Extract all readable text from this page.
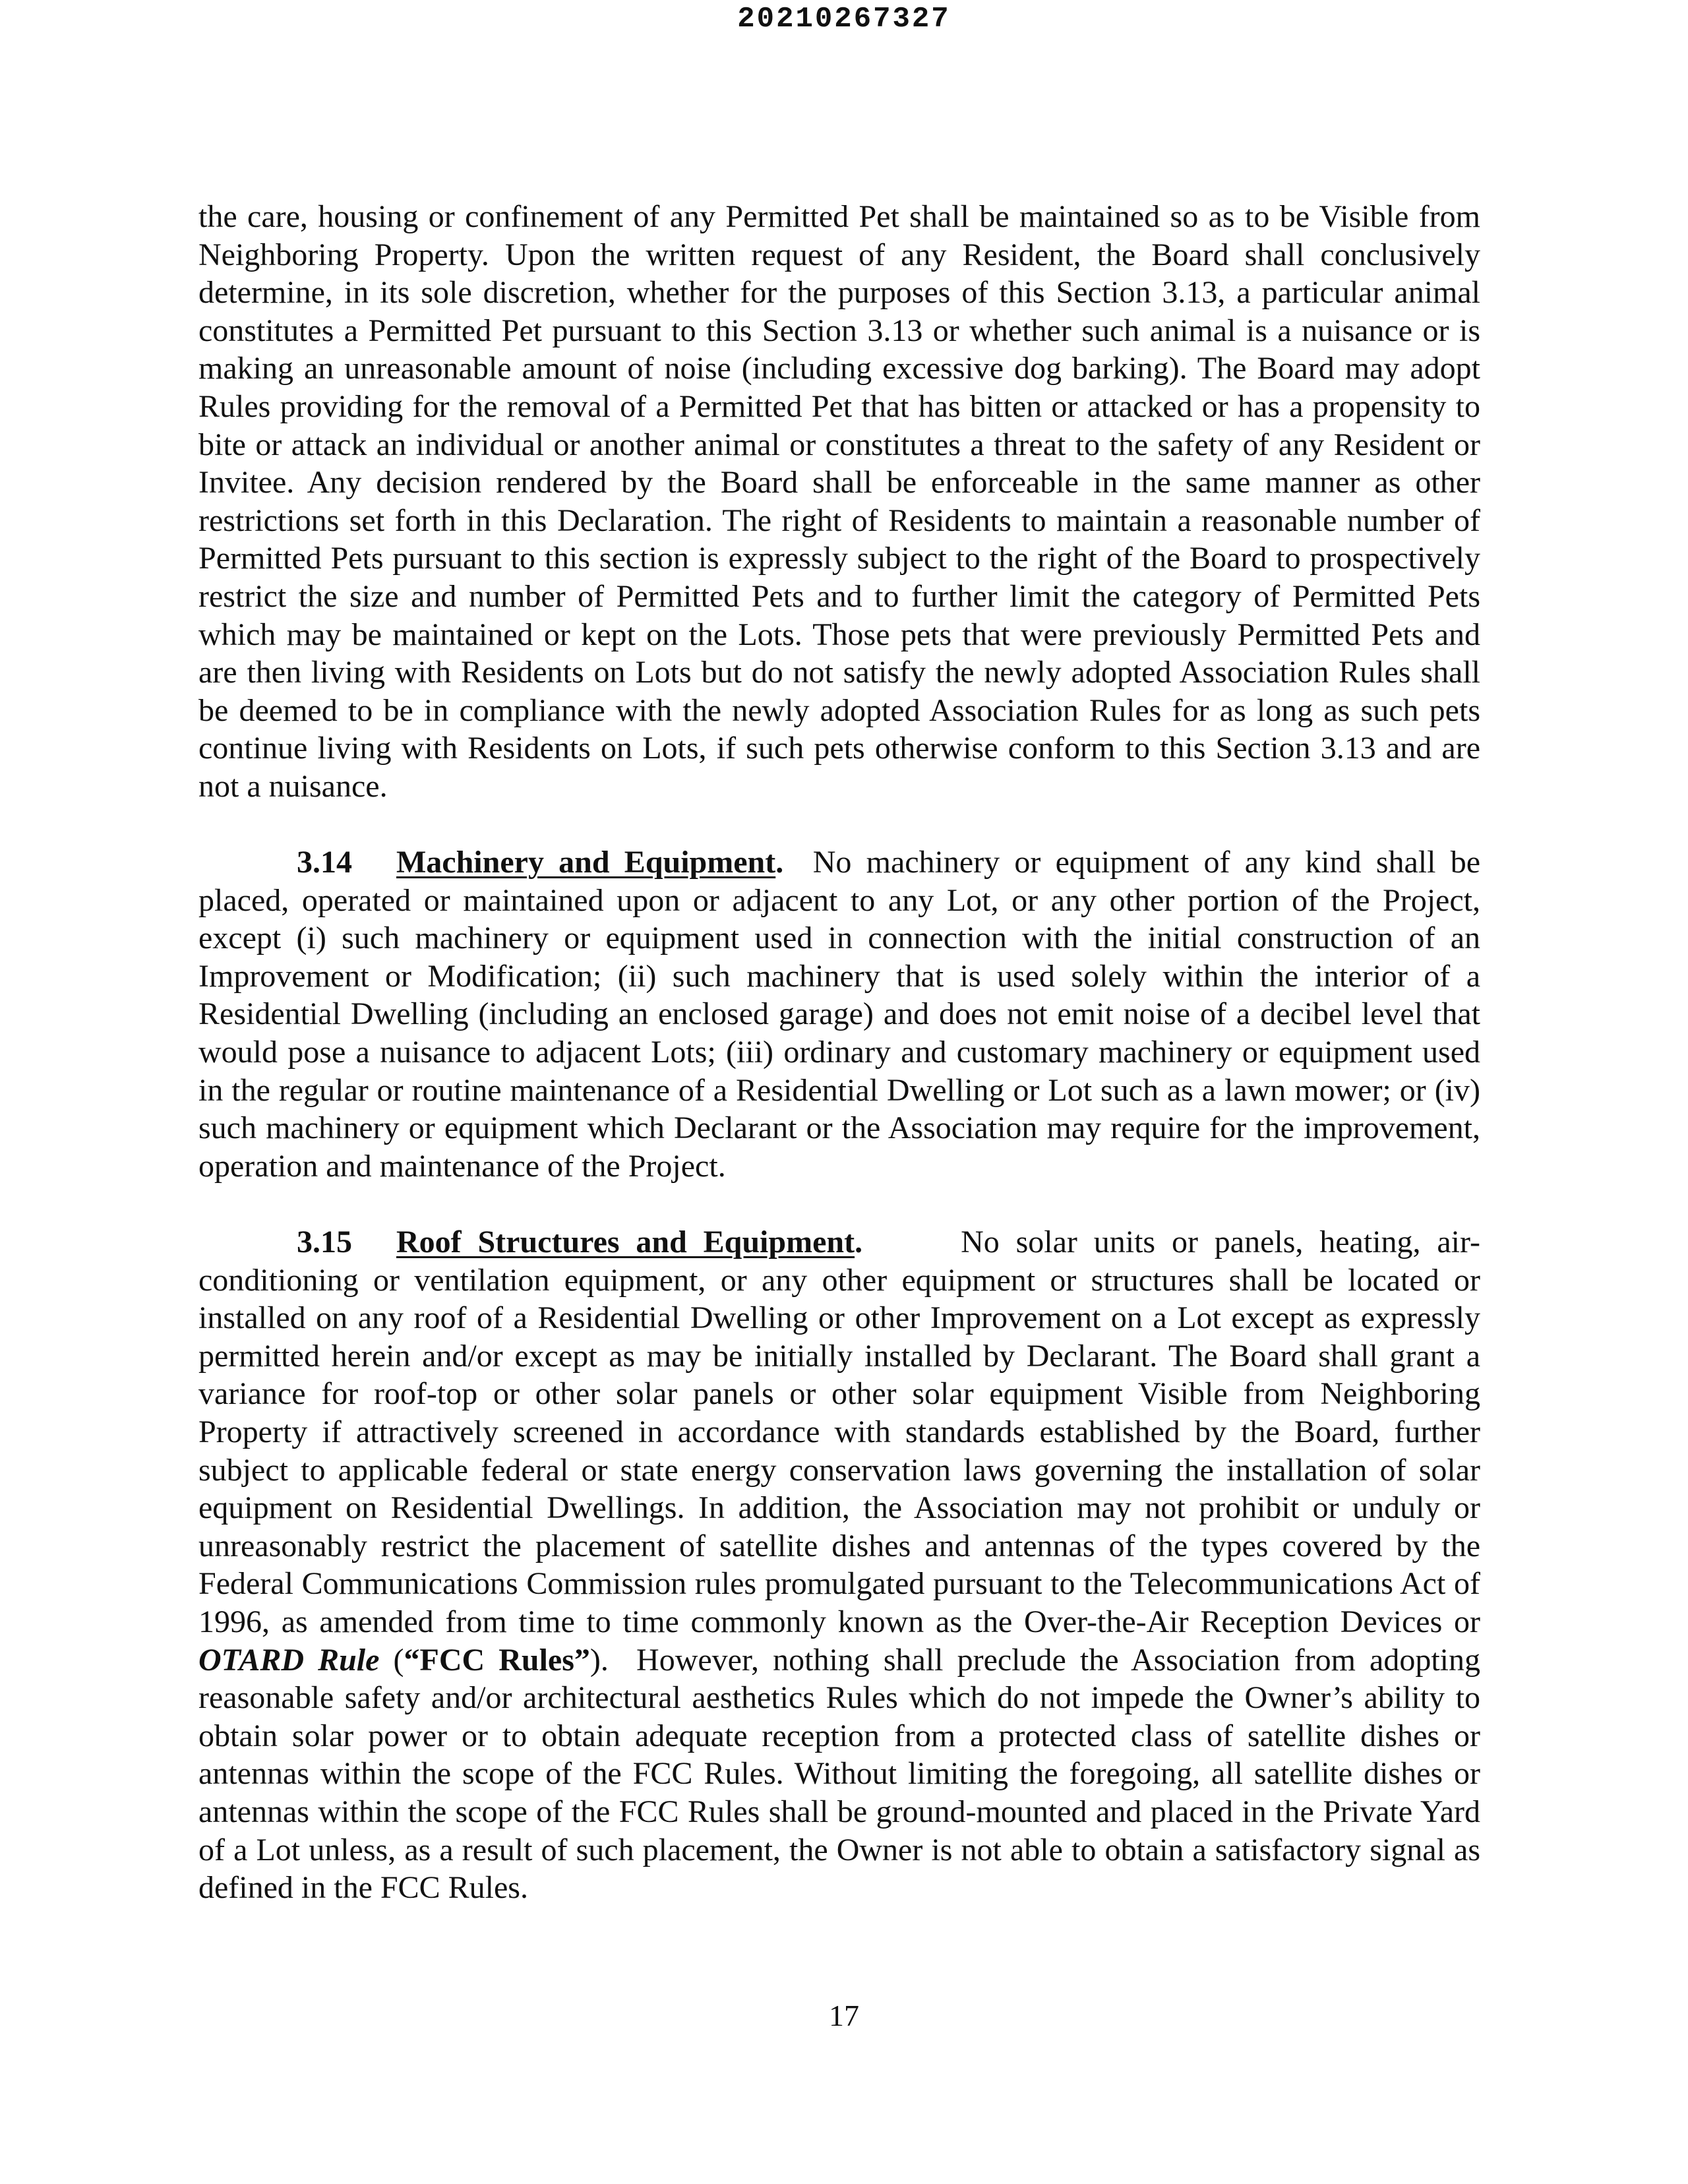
20210267327

the care, housing or confinement of any Permitted Pet shall be maintained so as to be Visible from Neighboring Property. Upon the written request of any Resident, the Board shall conclusively determine, in its sole discretion, whether for the purposes of this Section 3.13, a particular animal constitutes a Permitted Pet pursuant to this Section 3.13 or whether such animal is a nuisance or is making an unreasonable amount of noise (including excessive dog barking). The Board may adopt Rules providing for the removal of a Permitted Pet that has bitten or attacked or has a propensity to bite or attack an individual or another animal or constitutes a threat to the safety of any Resident or Invitee. Any decision rendered by the Board shall be enforceable in the same manner as other restrictions set forth in this Declaration. The right of Residents to maintain a reasonable number of Permitted Pets pursuant to this section is expressly subject to the right of the Board to prospectively restrict the size and number of Permitted Pets and to further limit the category of Permitted Pets which may be maintained or kept on the Lots. Those pets that were previously Permitted Pets and are then living with Residents on Lots but do not satisfy the newly adopted Association Rules shall be deemed to be in compliance with the newly adopted Association Rules for as long as such pets continue living with Residents on Lots, if such pets otherwise conform to this Section 3.13 and are not a nuisance.

3.14 Machinery and Equipment. No machinery or equipment of any kind shall be placed, operated or maintained upon or adjacent to any Lot, or any other portion of the Project, except (i) such machinery or equipment used in connection with the initial construction of an Improvement or Modification; (ii) such machinery that is used solely within the interior of a Residential Dwelling (including an enclosed garage) and does not emit noise of a decibel level that would pose a nuisance to adjacent Lots; (iii) ordinary and customary machinery or equipment used in the regular or routine maintenance of a Residential Dwelling or Lot such as a lawn mower; or (iv) such machinery or equipment which Declarant or the Association may require for the improvement, operation and maintenance of the Project.

3.15 Roof Structures and Equipment.	No solar units or panels, heating, air-conditioning or ventilation equipment, or any other equipment or structures shall be located or installed on any roof of a Residential Dwelling or other Improvement on a Lot except as expressly permitted herein and/or except as may be initially installed by Declarant. The Board shall grant a variance for roof-top or other solar panels or other solar equipment Visible from Neighboring Property if attractively screened in accordance with standards established by the Board, further subject to applicable federal or state energy conservation laws governing the installation of solar equipment on Residential Dwellings. In addition, the Association may not prohibit or unduly or unreasonably restrict the placement of satellite dishes and antennas of the types covered by the Federal Communications Commission rules promulgated pursuant to the Telecommunications Act of 1996, as amended from time to time commonly known as the Over-the-Air Reception Devices or OTARD Rule (“FCC Rules”). However, nothing shall preclude the Association from adopting reasonable safety and/or architectural aesthetics Rules which do not impede the Owner’s ability to obtain solar power or to obtain adequate reception from a protected class of satellite dishes or antennas within the scope of the FCC Rules. Without limiting the foregoing, all satellite dishes or antennas within the scope of the FCC Rules shall be ground-mounted and placed in the Private Yard of a Lot unless, as a result of such placement, the Owner is not able to obtain a satisfactory signal as defined in the FCC Rules.

17
